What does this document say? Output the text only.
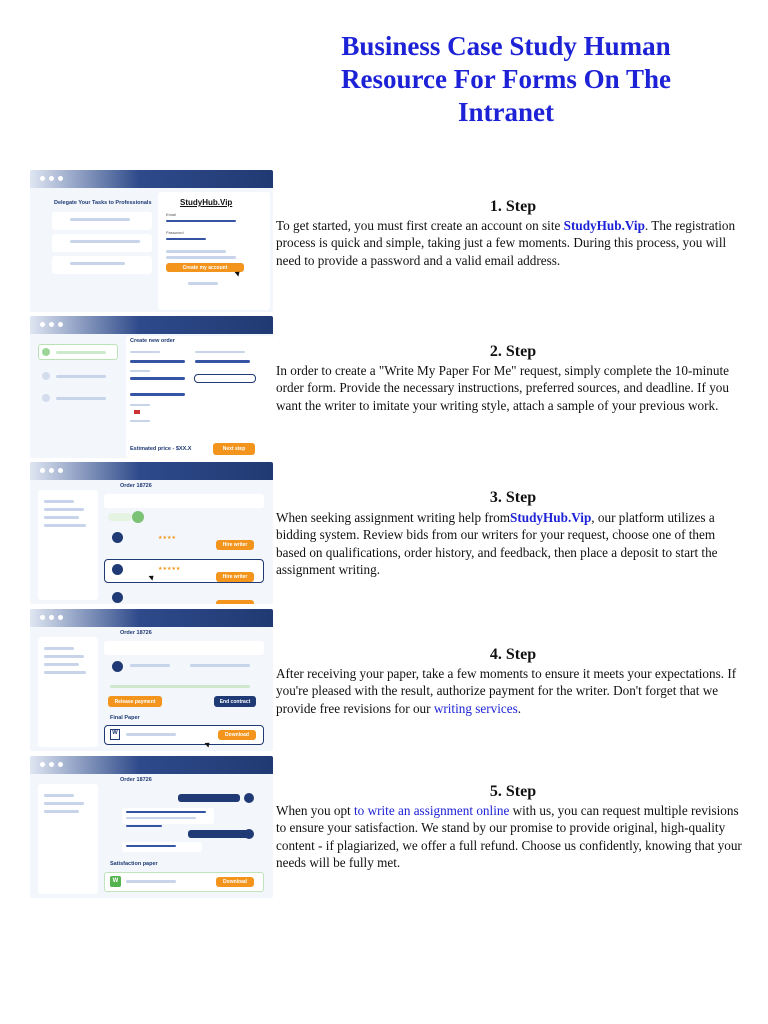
Business Case Study Human Resource For Forms On The Intranet
Delegate Your Tasks to Professionals	StudyHub.Vip
Email
Password
Create my account
Create new order
Estimated price - $XX.X	Next step
Order 18726
★★★★
Hire writer
★★★★★
Hire writer
Order 18726
Release payment	End contract
Final Paper
W	Download
Order 18726
Satisfaction paper
W	Download
1. Step

To get started, you must first create an account on site StudyHub.Vip. The registration process is quick and simple, taking just a few moments. During this process, you will need to provide a password and a valid email address.

2. Step

In order to create a "Write My Paper For Me" request, simply complete the 10-minute order form. Provide the necessary instructions, preferred sources, and deadline. If you want the writer to imitate your writing style, attach a sample of your previous work.

3. Step

When seeking assignment writing help fromStudyHub.Vip, our platform utilizes a bidding system. Review bids from our writers for your request, choose one of them based on qualifications, order history, and feedback, then place a deposit to start the assignment writing.

4. Step

After receiving your paper, take a few moments to ensure it meets your expectations. If you're pleased with the result, authorize payment for the writer. Don't forget that we provide free revisions for our writing services.

5. Step

When you opt to write an assignment online with us, you can request multiple revisions to ensure your satisfaction. We stand by our promise to provide original, high-quality content - if plagiarized, we offer a full refund. Choose us confidently, knowing that your needs will be fully met.
